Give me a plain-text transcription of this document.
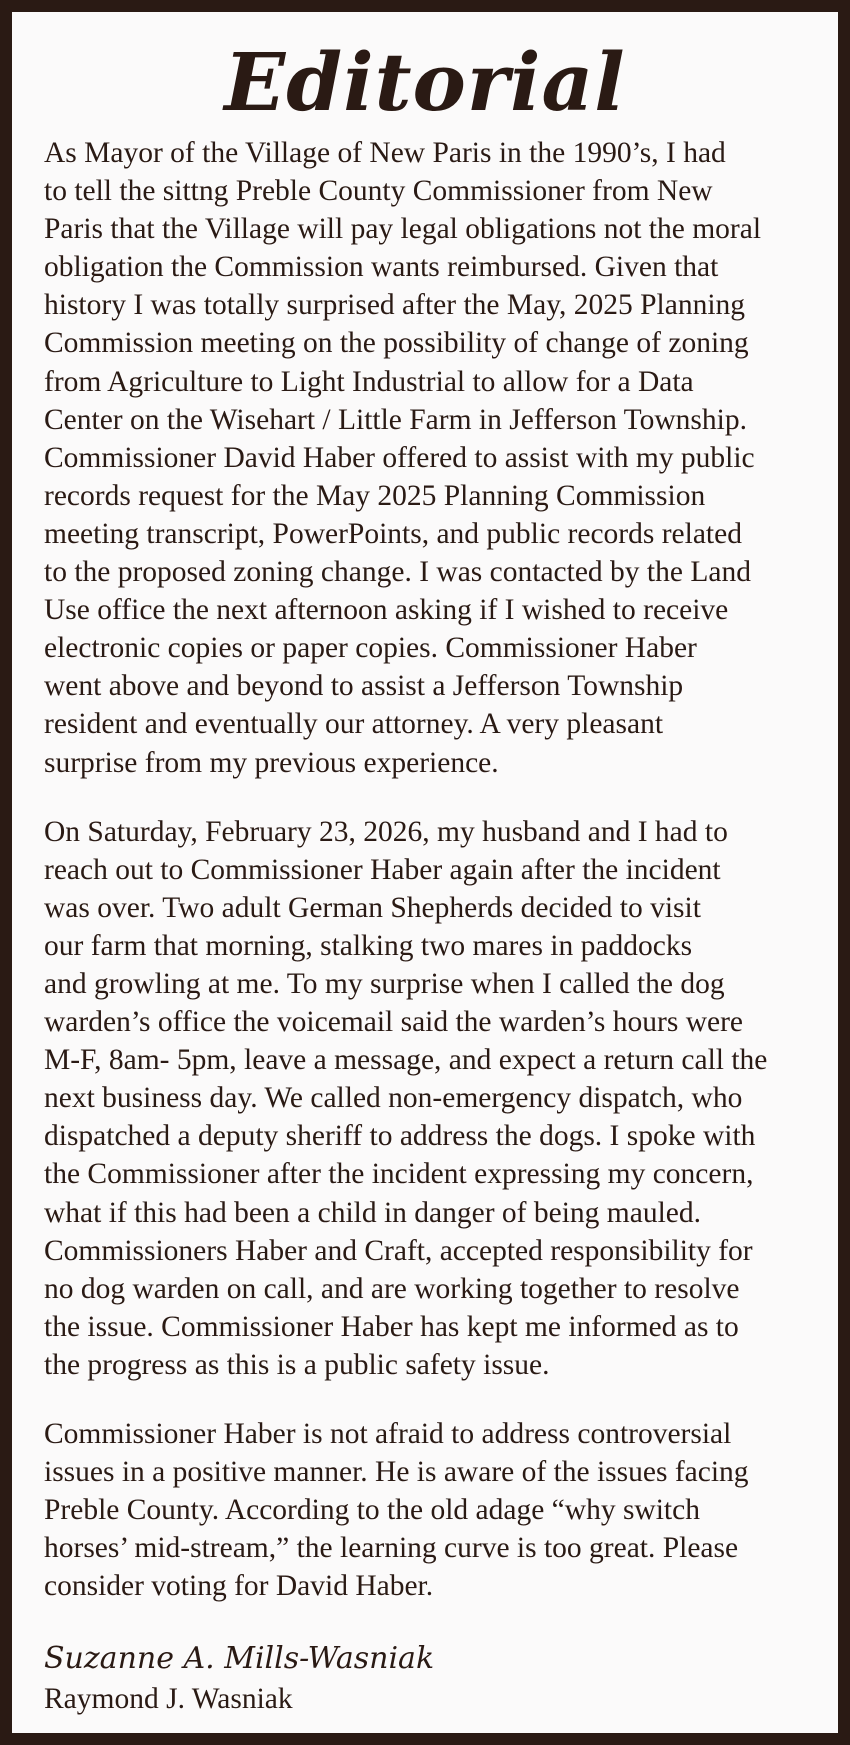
Editorial

As Mayor of the Village of New Paris in the 1990’s, I had
to tell the sittng Preble County Commissioner from New
Paris that the Village will pay legal obligations not the moral
obligation the Commission wants reimbursed. Given that
history I was totally surprised after the May, 2025 Planning
Commission meeting on the possibility of change of zoning
from Agriculture to Light Industrial to allow for a Data
Center on the Wisehart / Little Farm in Jefferson Township.
Commissioner David Haber offered to assist with my public
records request for the May 2025 Planning Commission
meeting transcript, PowerPoints, and public records related
to the proposed zoning change. I was contacted by the Land
Use office the next afternoon asking if I wished to receive
electronic copies or paper copies. Commissioner Haber
went above and beyond to assist a Jefferson Township
resident and eventually our attorney. A very pleasant
surprise from my previous experience.

On Saturday, February 23, 2026, my husband and I had to
reach out to Commissioner Haber again after the incident
was over. Two adult German Shepherds decided to visit
our farm that morning, stalking two mares in paddocks
and growling at me. To my surprise when I called the dog
warden’s office the voicemail said the warden’s hours were
M-F, 8am- 5pm, leave a message, and expect a return call the
next business day. We called non-emergency dispatch, who
dispatched a deputy sheriff to address the dogs. I spoke with
the Commissioner after the incident expressing my concern,
what if this had been a child in danger of being mauled.
Commissioners Haber and Craft, accepted responsibility for
no dog warden on call, and are working together to resolve
the issue. Commissioner Haber has kept me informed as to
the progress as this is a public safety issue.

Commissioner Haber is not afraid to address controversial
issues in a positive manner. He is aware of the issues facing
Preble County. According to the old adage “why switch
horses’ mid-stream,” the learning curve is too great. Please
consider voting for David Haber.

Suzanne A. Mills-Wasniak
Raymond J. Wasniak
